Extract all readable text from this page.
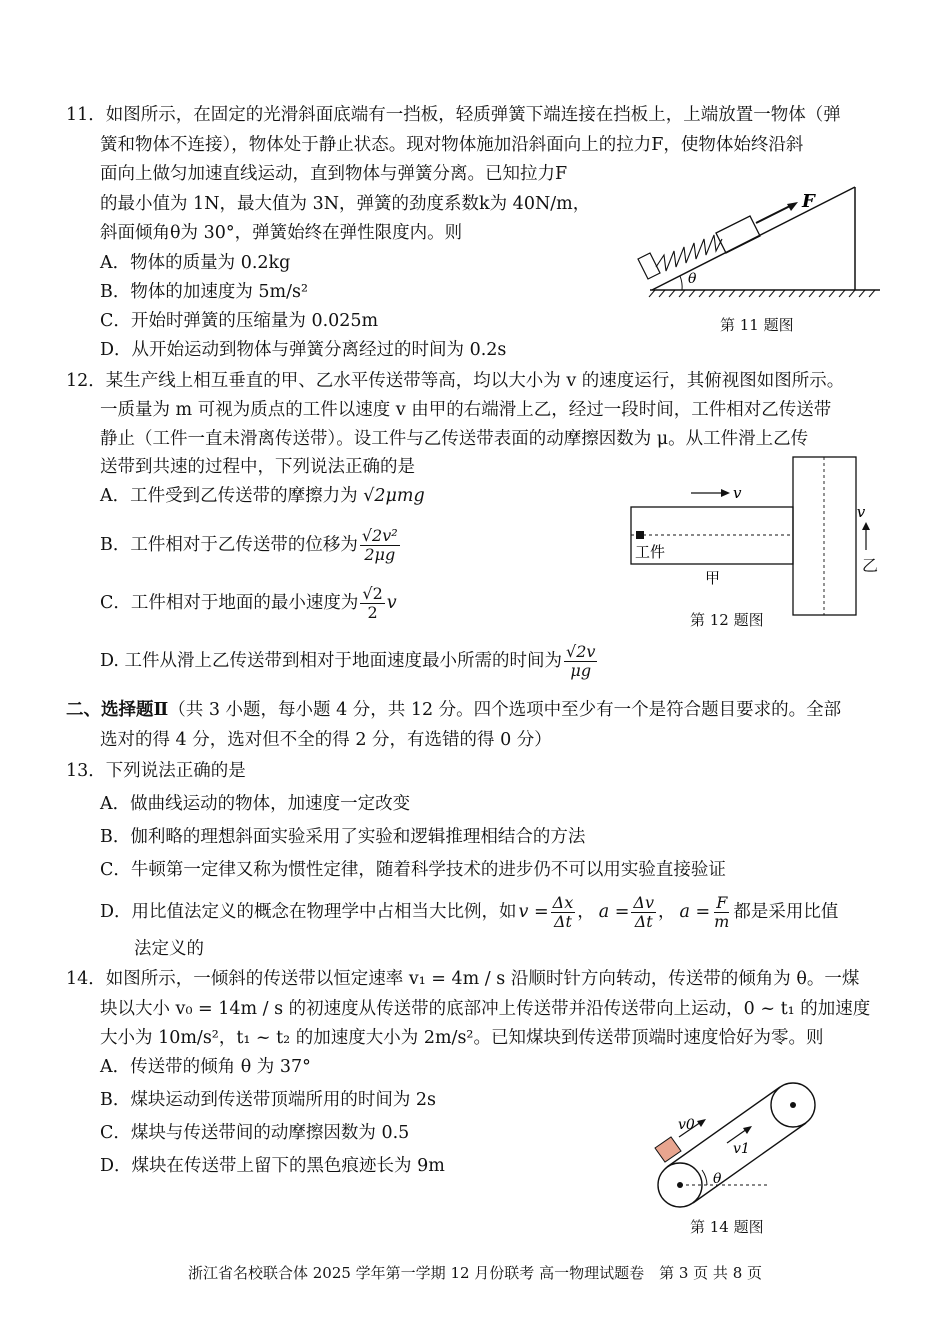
11．如图所示，在固定的光滑斜面底端有一挡板，轻质弹簧下端连接在挡板上，上端放置一物体（弹
簧和物体不连接），物体处于静止状态。现对物体施加沿斜面向上的拉力F，使物体始终沿斜
面向上做匀加速直线运动，直到物体与弹簧分离。已知拉力F
的最小值为 1N，最大值为 3N，弹簧的劲度系数k为 40N/m，
斜面倾角θ为 30°，弹簧始终在弹性限度内。则
A．物体的质量为 0.2kg
B．物体的加速度为 5m/s²
C．开始时弹簧的压缩量为 0.025m
D．从开始运动到物体与弹簧分离经过的时间为 0.2s
F
θ
第 11 题图
12．某生产线上相互垂直的甲、乙水平传送带等高，均以大小为 v 的速度运行，其俯视图如图所示。
一质量为 m 可视为质点的工件以速度 v 由甲的右端滑上乙，经过一段时间，工件相对乙传送带
静止（工件一直未滑离传送带）。设工件与乙传送带表面的动摩擦因数为 μ。从工件滑上乙传
送带到共速的过程中，下列说法正确的是
A．工件受到乙传送带的摩擦力为 √2μmg
B．工件相对于乙传送带的位移为 $\frac{\text{√2v²}}{2\mu g}$
C．工件相对于地面的最小速度为 $\frac{√2}{2}$ v
D. 工件从滑上乙传送带到相对于地面速度最小所需的时间为 $\frac{√2v}{\mu g}$
v
v
工件
甲
乙
第 12 题图
二、选择题Ⅱ（共 3 小题，每小题 4 分，共 12 分。四个选项中至少有一个是符合题目要求的。全部
选对的得 4 分，选对但不全的得 2 分，有选错的得 0 分）
13．下列说法正确的是
A．做曲线运动的物体，加速度一定改变
B．伽利略的理想斜面实验采用了实验和逻辑推理相结合的方法
C．牛顿第一定律又称为惯性定律，随着科学技术的进步仍不可以用实验直接验证
D．用比值法定义的概念在物理学中占相当大比例，如 $v = \frac{\Delta x}{\Delta t}$ ， $a = \frac{\Delta v}{\Delta t}$ ， $a = \frac{F}{m}$ 都是采用比值
法定义的
14．如图所示，一倾斜的传送带以恒定速率 v₁ = 4m / s 沿顺时针方向转动，传送带的倾角为 θ。一煤
块以大小 v₀ = 14m / s 的初速度从传送带的底部冲上传送带并沿传送带向上运动，0 ~ t₁ 的加速度
大小为 10m/s²，t₁ ~ t₂ 的加速度大小为 2m/s²。已知煤块到传送带顶端时速度恰好为零。则
A．传送带的倾角 θ 为 37°
B．煤块运动到传送带顶端所用的时间为 2s
C．煤块与传送带间的动摩擦因数为 0.5
D．煤块在传送带上留下的黑色痕迹长为 9m
v0
v1
θ
第 14 题图
浙江省名校联合体 2025 学年第一学期 12 月份联考 高一物理试题卷　第 3 页 共 8 页
